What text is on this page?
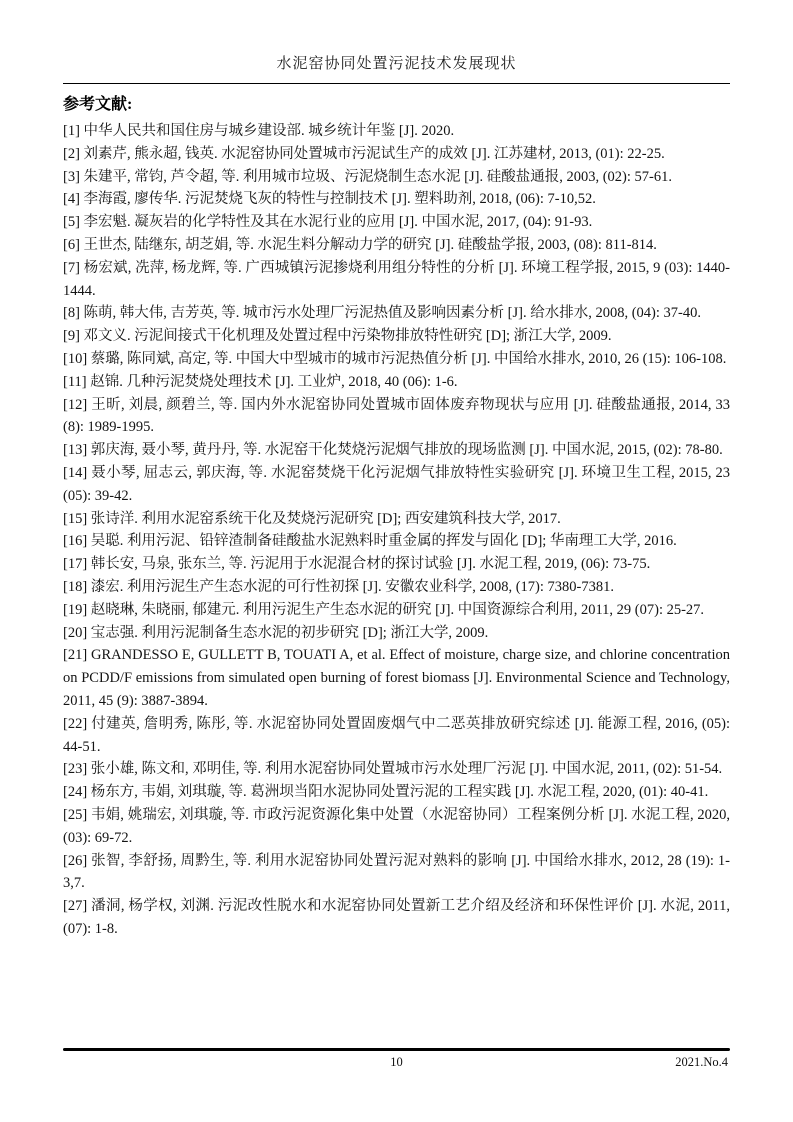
水泥窑协同处置污泥技术发展现状
参考文献:

[1] 中华人民共和国住房与城乡建设部. 城乡统计年鉴 [J]. 2020.

[2] 刘素芹, 熊永超, 钱英. 水泥窑协同处置城市污泥试生产的成效 [J]. 江苏建材, 2013, (01): 22-25.

[3] 朱建平, 常钧, 芦令超, 等. 利用城市垃圾、污泥烧制生态水泥 [J]. 硅酸盐通报, 2003, (02): 57-61.

[4] 李海霞, 廖传华. 污泥焚烧飞灰的特性与控制技术 [J]. 塑料助剂, 2018, (06): 7-10,52.

[5] 李宏魁. 凝灰岩的化学特性及其在水泥行业的应用 [J]. 中国水泥, 2017, (04): 91-93.

[6] 王世杰, 陆继东, 胡芝娟, 等. 水泥生料分解动力学的研究 [J]. 硅酸盐学报, 2003, (08): 811-814.

[7] 杨宏斌, 冼萍, 杨龙辉, 等. 广西城镇污泥掺烧利用组分特性的分析 [J]. 环境工程学报, 2015, 9 (03): 1440-1444.

[8] 陈萌, 韩大伟, 吉芳英, 等. 城市污水处理厂污泥热值及影响因素分析 [J]. 给水排水, 2008, (04): 37-40.

[9] 邓文义. 污泥间接式干化机理及处置过程中污染物排放特性研究 [D]; 浙江大学, 2009.

[10] 蔡璐, 陈同斌, 高定, 等. 中国大中型城市的城市污泥热值分析 [J]. 中国给水排水, 2010, 26 (15): 106-108.

[11] 赵锦. 几种污泥焚烧处理技术 [J]. 工业炉, 2018, 40 (06): 1-6.

[12] 王昕, 刘晨, 颜碧兰, 等. 国内外水泥窑协同处置城市固体废弃物现状与应用 [J]. 硅酸盐通报, 2014, 33 (8): 1989-1995.

[13] 郭庆海, 聂小琴, 黄丹丹, 等. 水泥窑干化焚烧污泥烟气排放的现场监测 [J]. 中国水泥, 2015, (02): 78-80.

[14] 聂小琴, 屈志云, 郭庆海, 等. 水泥窑焚烧干化污泥烟气排放特性实验研究 [J]. 环境卫生工程, 2015, 23 (05): 39-42.

[15] 张诗洋. 利用水泥窑系统干化及焚烧污泥研究 [D]; 西安建筑科技大学, 2017.

[16] 吴聪. 利用污泥、铅锌渣制备硅酸盐水泥熟料时重金属的挥发与固化 [D]; 华南理工大学, 2016.

[17] 韩长安, 马泉, 张东兰, 等. 污泥用于水泥混合材的探讨试验 [J]. 水泥工程, 2019, (06): 73-75.

[18] 漆宏. 利用污泥生产生态水泥的可行性初探 [J]. 安徽农业科学, 2008, (17): 7380-7381.

[19] 赵晓琳, 朱晓丽, 郁建元. 利用污泥生产生态水泥的研究 [J]. 中国资源综合利用, 2011, 29 (07): 25-27.

[20] 宝志强. 利用污泥制备生态水泥的初步研究 [D]; 浙江大学, 2009.

[21] GRANDESSO E, GULLETT B, TOUATI A, et al. Effect of moisture, charge size, and chlorine concentration on PCDD/F emissions from simulated open burning of forest biomass [J]. Environmental Science and Technology, 2011, 45 (9): 3887-3894.

[22] 付建英, 詹明秀, 陈彤, 等. 水泥窑协同处置固废烟气中二恶英排放研究综述 [J]. 能源工程, 2016, (05): 44-51.

[23] 张小雄, 陈文和, 邓明佳, 等. 利用水泥窑协同处置城市污水处理厂污泥 [J]. 中国水泥, 2011, (02): 51-54.

[24] 杨东方, 韦娟, 刘琪璇, 等. 葛洲坝当阳水泥协同处置污泥的工程实践 [J]. 水泥工程, 2020, (01): 40-41.

[25] 韦娟, 姚瑞宏, 刘琪璇, 等. 市政污泥资源化集中处置（水泥窑协同）工程案例分析 [J]. 水泥工程, 2020, (03): 69-72.

[26] 张智, 李舒扬, 周黔生, 等. 利用水泥窑协同处置污泥对熟料的影响 [J]. 中国给水排水, 2012, 28 (19): 1-3,7.

[27] 潘洞, 杨学权, 刘渊. 污泥改性脱水和水泥窑协同处置新工艺介绍及经济和环保性评价 [J]. 水泥, 2011, (07): 1-8.

10	2021.No.4
